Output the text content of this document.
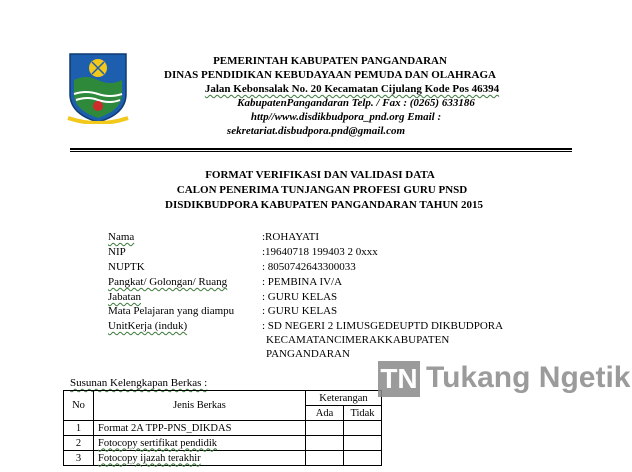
PEMERINTAH KABUPATEN PANGANDARAN
DINAS PENDIDIKAN KEBUDAYAAN PEMUDA DAN OLAHRAGA
Jalan Kebonsalak No. 20 Kecamatan Cijulang Kode Pos 46394
KabupatenPangandaran Telp. / Fax : (0265) 633186
http//www.disdikbudpora_pnd.org Email :
sekretariat.disbudpora.pnd@gmail.com
FORMAT VERIFIKASI DAN VALIDASI DATA
CALON PENERIMA TUNJANGAN PROFESI GURU PNSD
DISDIKBUDPORA KABUPATEN PANGANDARAN TAHUN 2015
Nama	:ROHAYATI
NIP	:19640718 199403 2 0xxx
NUPTK	: 8050742643300033
Pangkat/ Golongan/ Ruang	: PEMBINA IV/A
Jabatan	: GURU KELAS
Mata Pelajaran yang diampu	: GURU KELAS
UnitKerja (induk)	: SD NEGERI 2 LIMUSGEDEUPTD DIKBUDPORA
KECAMATANCIMERAKKABUPATEN
PANGANDARAN
Susunan Kelengkapan Berkas :
No	Jenis Berkas	Keterangan	
		Ada	Tidak
1	Format 2A TPP-PNS_DIKDAS		
2	Fotocopy sertifikat pendidik		
3	Fotocopy ijazah terakhir		
TN Tukang Ngetik
